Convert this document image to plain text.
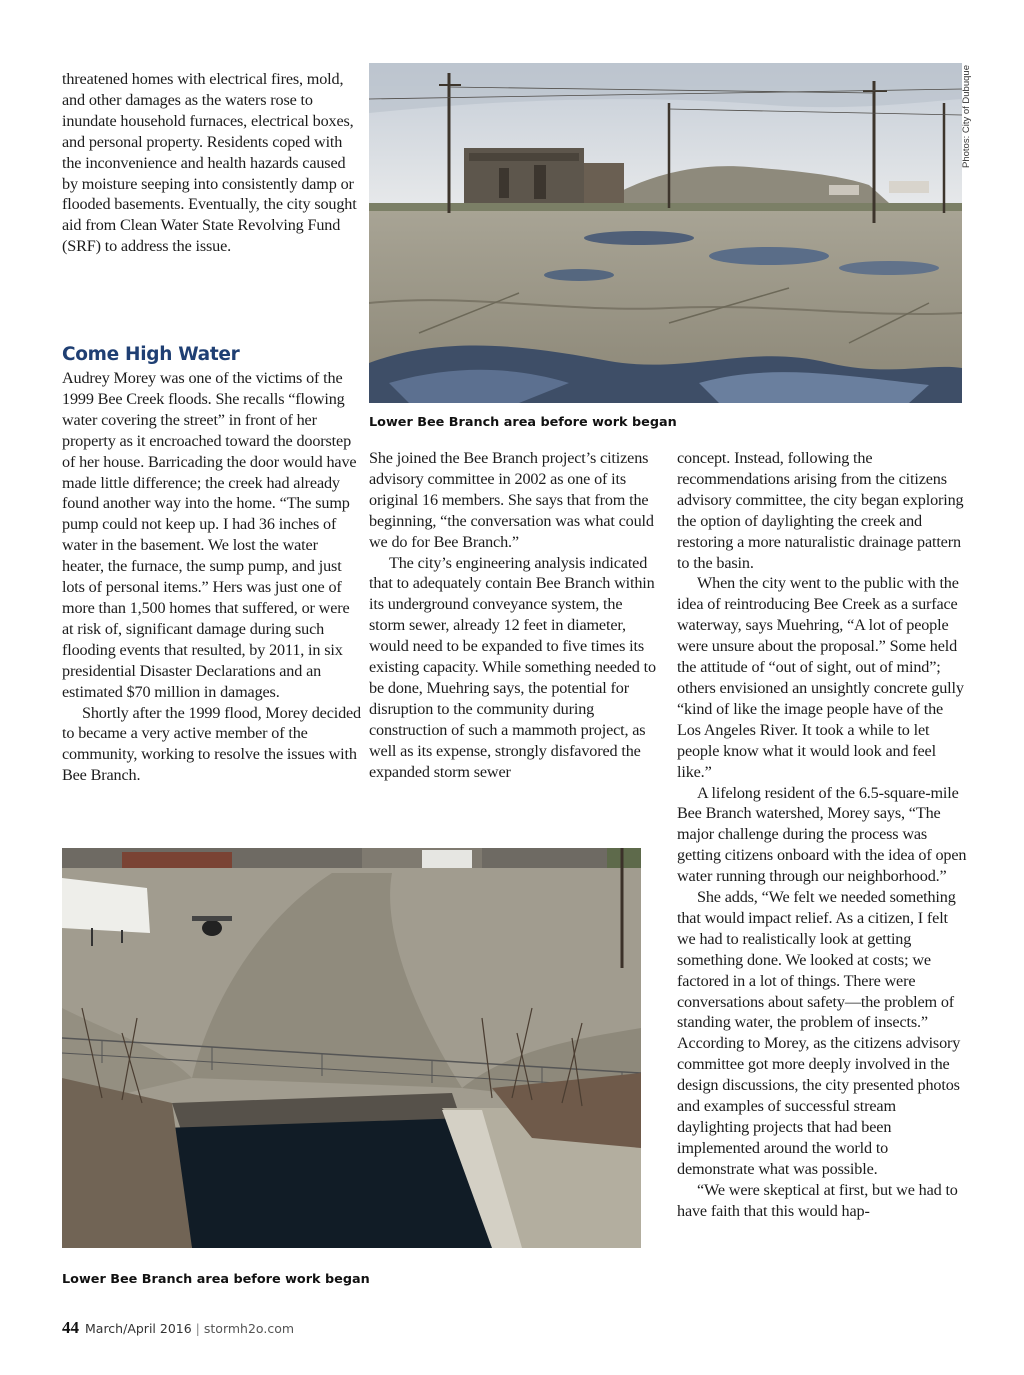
threatened homes with electrical fires, mold, and other damages as the waters rose to inundate household furnaces, electrical boxes, and personal property. Residents coped with the inconvenience and health hazards caused by moisture seeping into consistently damp or flooded basements. Eventually, the city sought aid from Clean Water State Revolving Fund (SRF) to address the issue.

Come High Water

Audrey Morey was one of the victims of the 1999 Bee Creek floods. She recalls “flowing water covering the street” in front of her property as it encroached toward the doorstep of her house. Barricading the door would have made little difference; the creek had already found another way into the home. “The sump pump could not keep up. I had 36 inches of water in the basement. We lost the water heater, the furnace, the sump pump, and just lots of personal items.” Hers was just one of more than 1,500 homes that suffered, or were at risk of, significant damage during such flooding events that resulted, by 2011, in six presidential Disaster Declarations and an estimated $70 million in damages.

Shortly after the 1999 flood, Morey decided to became a very active member of the community, working to resolve the issues with Bee Branch.

Photos: City of Dubuque
Lower Bee Branch area before work began

She joined the Bee Branch project’s citizens advisory committee in 2002 as one of its original 16 members. She says that from the beginning, “the conversation was what could we do for Bee Branch.”

The city’s engineering analysis indicated that to adequately contain Bee Branch within its underground conveyance system, the storm sewer, already 12 feet in diameter, would need to be expanded to five times its existing capacity. While something needed to be done, Muehring says, the potential for disruption to the community during construction of such a mammoth project, as well as its expense, strongly disfavored the expanded storm sewer

concept. Instead, following the recommendations arising from the citizens advisory committee, the city began exploring the option of daylighting the creek and restoring a more naturalistic drainage pattern to the basin.

When the city went to the public with the idea of reintroducing Bee Creek as a surface waterway, says Muehring, “A lot of people were unsure about the proposal.” Some held the attitude of “out of sight, out of mind”; others envisioned an unsightly concrete gully “kind of like the image people have of the Los Angeles River. It took a while to let people know what it would look and feel like.”

A lifelong resident of the 6.5-square-mile Bee Branch watershed, Morey says, “The major challenge during the process was getting citizens onboard with the idea of open water running through our neighborhood.”

She adds, “We felt we needed something that would impact relief. As a citizen, I felt we had to realistically look at getting something done. We looked at costs; we factored in a lot of things. There were conversations about safety—the problem of standing water, the problem of insects.” According to Morey, as the citizens advisory committee got more deeply involved in the design discussions, the city presented photos and examples of successful stream daylighting projects that had been implemented around the world to demonstrate what was possible.

“We were skeptical at first, but we had to have faith that this would hap-

Lower Bee Branch area before work began
44 March/April 2016 | stormh2o.com
